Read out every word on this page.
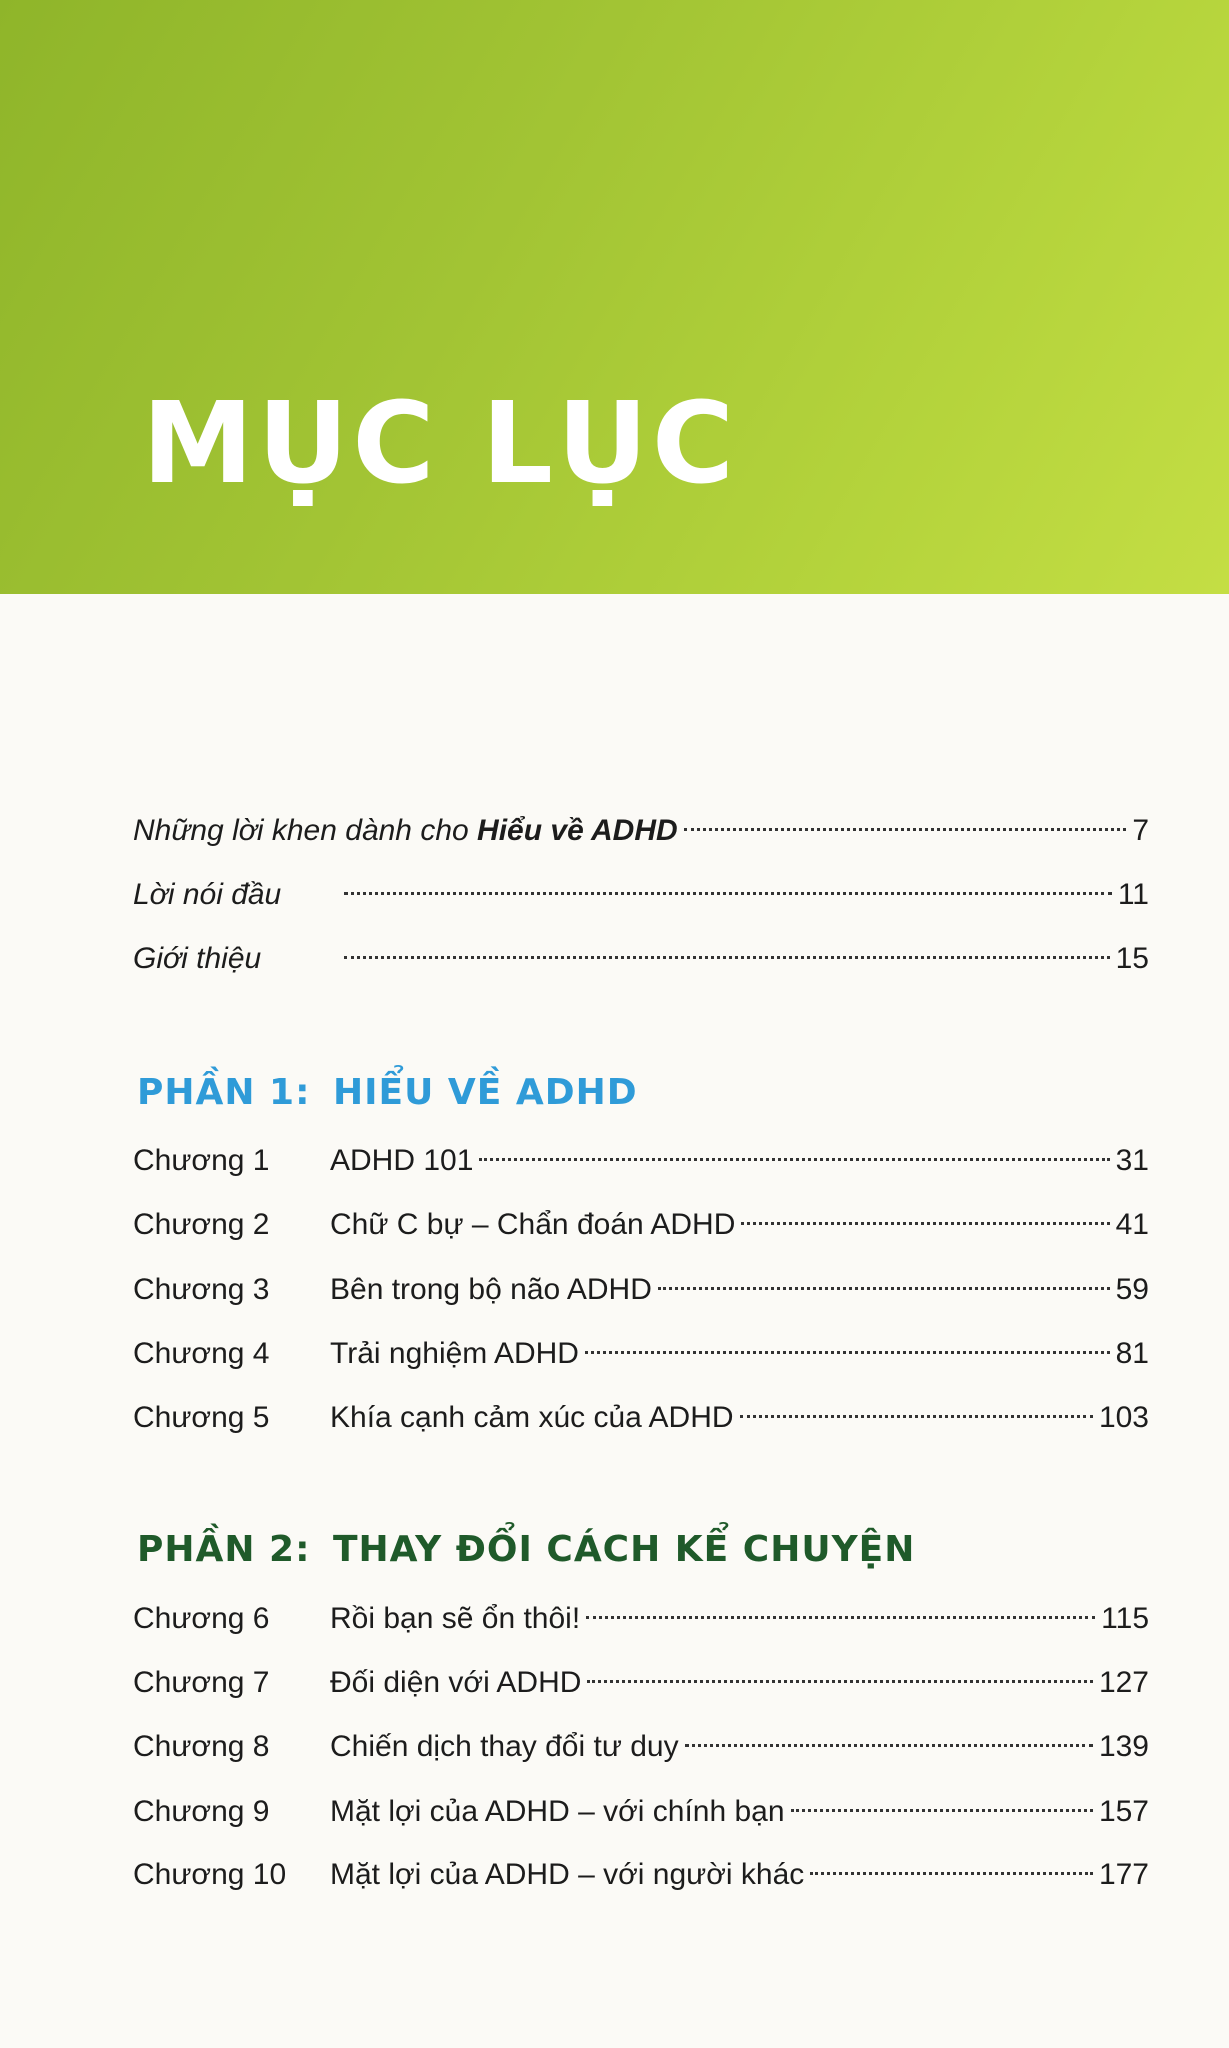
MỤC LỤC
Những lời khen dành cho Hiểu về ADHD	7
Lời nói đầu	11
Giới thiệu	15
PHẦN 1: HIỂU VỀ ADHD
Chương 1 ADHD 101	31
Chương 2 Chữ C bự – Chẩn đoán ADHD	41
Chương 3 Bên trong bộ não ADHD	59
Chương 4 Trải nghiệm ADHD	81
Chương 5 Khía cạnh cảm xúc của ADHD	103
PHẦN 2: THAY ĐỔI CÁCH KỂ CHUYỆN
Chương 6 Rồi bạn sẽ ổn thôi!	115
Chương 7 Đối diện với ADHD	127
Chương 8 Chiến dịch thay đổi tư duy	139
Chương 9 Mặt lợi của ADHD – với chính bạn	157
Chương 10 Mặt lợi của ADHD – với người khác	177
